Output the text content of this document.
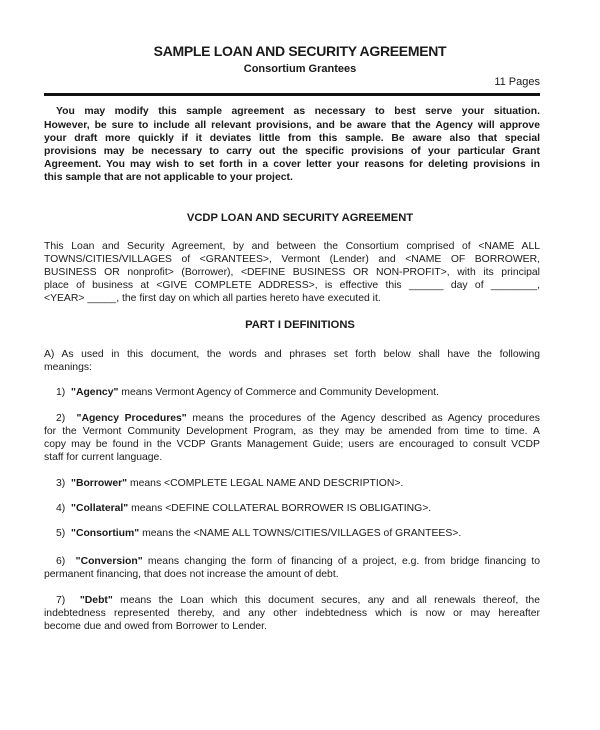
SAMPLE LOAN AND SECURITY AGREEMENT
Consortium Grantees
11 Pages
You may modify this sample agreement as necessary to best serve your situation.
However, be sure to include all relevant provisions, and be aware that the Agency will approve
your draft more quickly if it deviates little from this sample. Be aware also that special
provisions may be necessary to carry out the specific provisions of your particular Grant
Agreement. You may wish to set forth in a cover letter your reasons for deleting provisions in
this sample that are not applicable to your project.
VCDP LOAN AND SECURITY AGREEMENT
This Loan and Security Agreement, by and between the Consortium comprised of <NAME ALL
TOWNS/CITIES/VILLAGES of <GRANTEES>, Vermont (Lender) and <NAME OF BORROWER,
BUSINESS OR nonprofit> (Borrower), <DEFINE BUSINESS OR NON-PROFIT>, with its principal
place of business at <GIVE COMPLETE ADDRESS>, is effective this ______ day of ________,
<YEAR> _____, the first day on which all parties hereto have executed it.
PART I DEFINITIONS
A) As used in this document, the words and phrases set forth below shall have the following
meanings:
1) "Agency" means Vermont Agency of Commerce and Community Development.
2) "Agency Procedures" means the procedures of the Agency described as Agency procedures
for the Vermont Community Development Program, as they may be amended from time to time. A
copy may be found in the VCDP Grants Management Guide; users are encouraged to consult VCDP
staff for current language.
3) "Borrower" means <COMPLETE LEGAL NAME AND DESCRIPTION>.
4) "Collateral" means <DEFINE COLLATERAL BORROWER IS OBLIGATING>.
5) "Consortium" means the <NAME ALL TOWNS/CITIES/VILLAGES of GRANTEES>.
6) "Conversion" means changing the form of financing of a project, e.g. from bridge financing to
permanent financing, that does not increase the amount of debt.
7) "Debt" means the Loan which this document secures, any and all renewals thereof, the
indebtedness represented thereby, and any other indebtedness which is now or may hereafter
become due and owed from Borrower to Lender.
